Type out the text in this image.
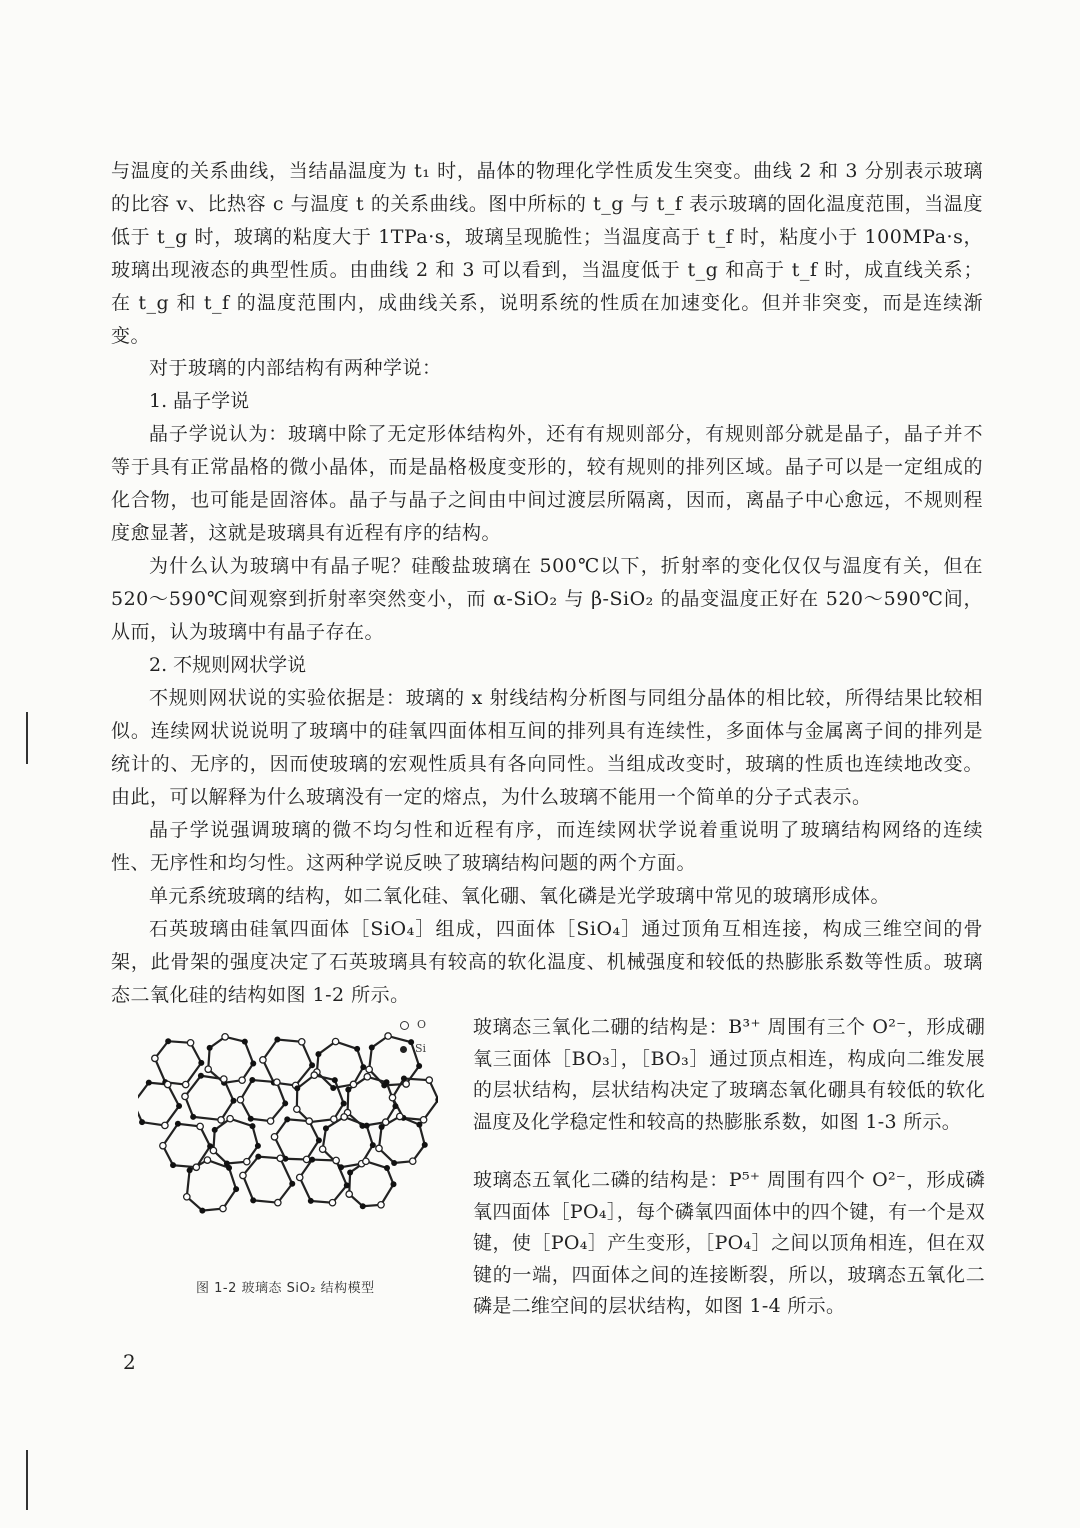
与温度的关系曲线，当结晶温度为 t₁ 时，晶体的物理化学性质发生突变。曲线 2 和 3 分别表示玻璃的比容 v、比热容 c 与温度 t 的关系曲线。图中所标的 t_g 与 t_f 表示玻璃的固化温度范围，当温度低于 t_g 时，玻璃的粘度大于 1TPa·s，玻璃呈现脆性；当温度高于 t_f 时，粘度小于 100MPa·s，玻璃出现液态的典型性质。由曲线 2 和 3 可以看到，当温度低于 t_g 和高于 t_f 时，成直线关系；在 t_g 和 t_f 的温度范围内，成曲线关系，说明系统的性质在加速变化。但并非突变，而是连续渐变。

对于玻璃的内部结构有两种学说：

1. 晶子学说

晶子学说认为：玻璃中除了无定形体结构外，还有有规则部分，有规则部分就是晶子，晶子并不等于具有正常晶格的微小晶体，而是晶格极度变形的，较有规则的排列区域。晶子可以是一定组成的化合物，也可能是固溶体。晶子与晶子之间由中间过渡层所隔离，因而，离晶子中心愈远，不规则程度愈显著，这就是玻璃具有近程有序的结构。

为什么认为玻璃中有晶子呢？硅酸盐玻璃在 500℃以下，折射率的变化仅仅与温度有关，但在 520～590℃间观察到折射率突然变小，而 α-SiO₂ 与 β-SiO₂ 的晶变温度正好在 520～590℃间，从而，认为玻璃中有晶子存在。

2. 不规则网状学说

不规则网状说的实验依据是：玻璃的 x 射线结构分析图与同组分晶体的相比较，所得结果比较相似。连续网状说说明了玻璃中的硅氧四面体相互间的排列具有连续性，多面体与金属离子间的排列是统计的、无序的，因而使玻璃的宏观性质具有各向同性。当组成改变时，玻璃的性质也连续地改变。由此，可以解释为什么玻璃没有一定的熔点，为什么玻璃不能用一个简单的分子式表示。

晶子学说强调玻璃的微不均匀性和近程有序，而连续网状学说着重说明了玻璃结构网络的连续性、无序性和均匀性。这两种学说反映了玻璃结构问题的两个方面。

单元系统玻璃的结构，如二氧化硅、氧化硼、氧化磷是光学玻璃中常见的玻璃形成体。

石英玻璃由硅氧四面体［SiO₄］组成，四面体［SiO₄］通过顶角互相连接，构成三维空间的骨架，此骨架的强度决定了石英玻璃具有较高的软化温度、机械强度和较低的热膨胀系数等性质。玻璃态二氧化硅的结构如图 1-2 所示。

玻璃态三氧化二硼的结构是：B³⁺ 周围有三个 O²⁻，形成硼氧三面体［BO₃］，［BO₃］通过顶点相连，构成向二维发展的层状结构，层状结构决定了玻璃态氧化硼具有较低的软化温度及化学稳定性和较高的热膨胀系数，如图 1-3 所示。

玻璃态五氧化二磷的结构是：P⁵⁺ 周围有四个 O²⁻，形成磷氧四面体［PO₄］，每个磷氧四面体中的四个键，有一个是双键，使［PO₄］产生变形，［PO₄］之间以顶角相连，但在双键的一端，四面体之间的连接断裂，所以，玻璃态五氧化二磷是二维空间的层状结构，如图 1-4 所示。

O
Si
图 1-2 玻璃态 SiO₂ 结构模型
2
